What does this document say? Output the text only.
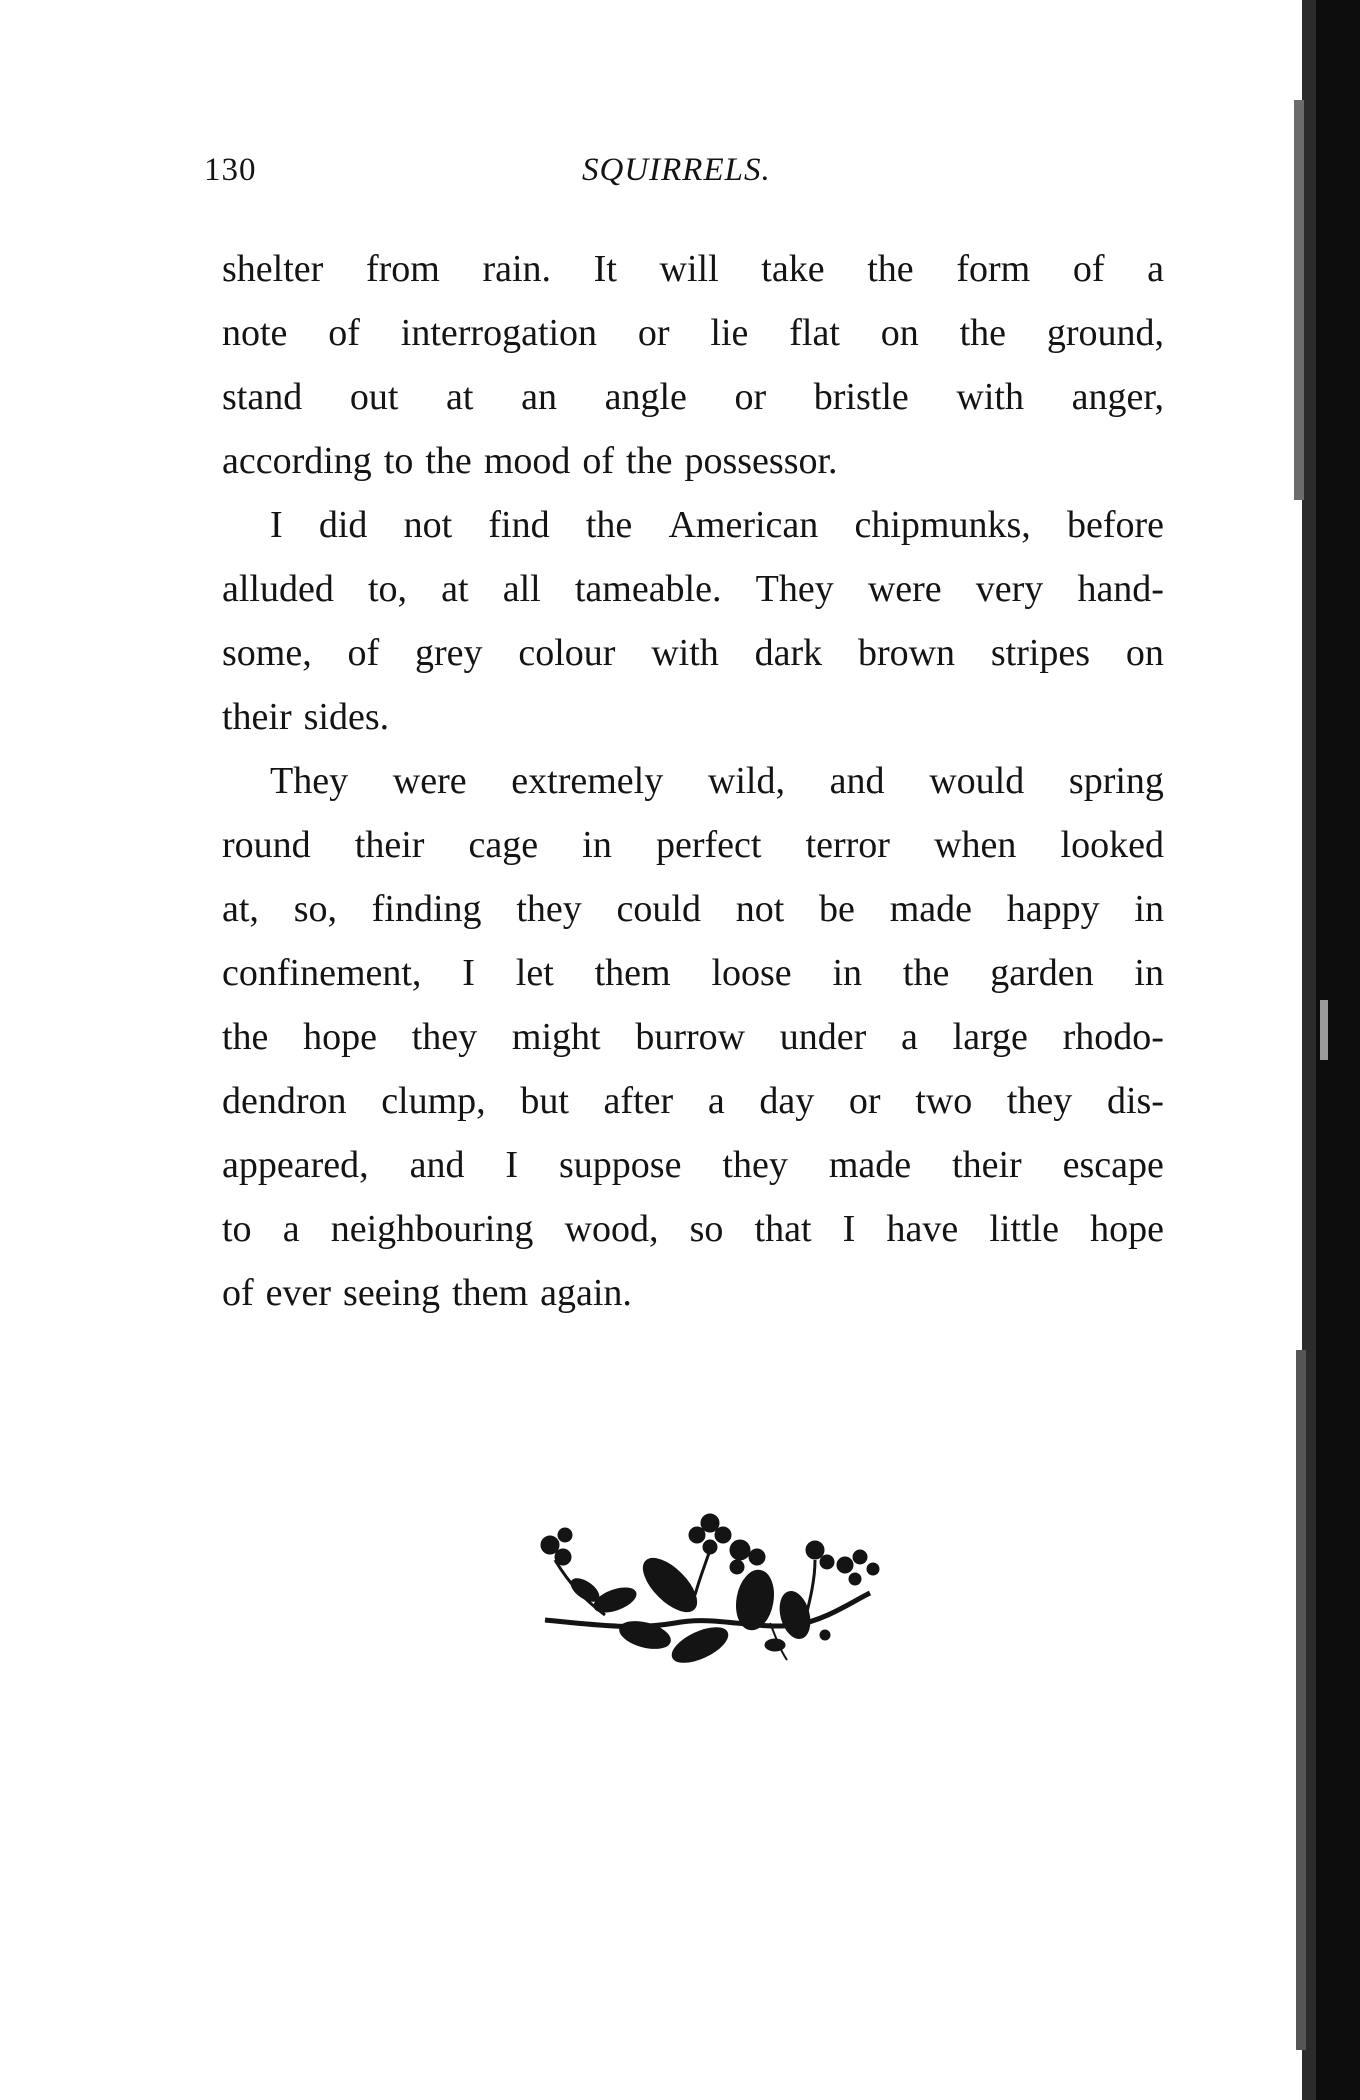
130	SQUIRRELS.
shelter from rain. It will take the form of a
note of interrogation or lie flat on the ground,
stand out at an angle or bristle with anger,
according to the mood of the possessor.
I did not find the American chipmunks, before
alluded to, at all tameable. They were very hand-
some, of grey colour with dark brown stripes on
their sides.
They were extremely wild, and would spring
round their cage in perfect terror when looked
at, so, finding they could not be made happy in
confinement, I let them loose in the garden in
the hope they might burrow under a large rhodo-
dendron clump, but after a day or two they dis-
appeared, and I suppose they made their escape
to a neighbouring wood, so that I have little hope
of ever seeing them again.
